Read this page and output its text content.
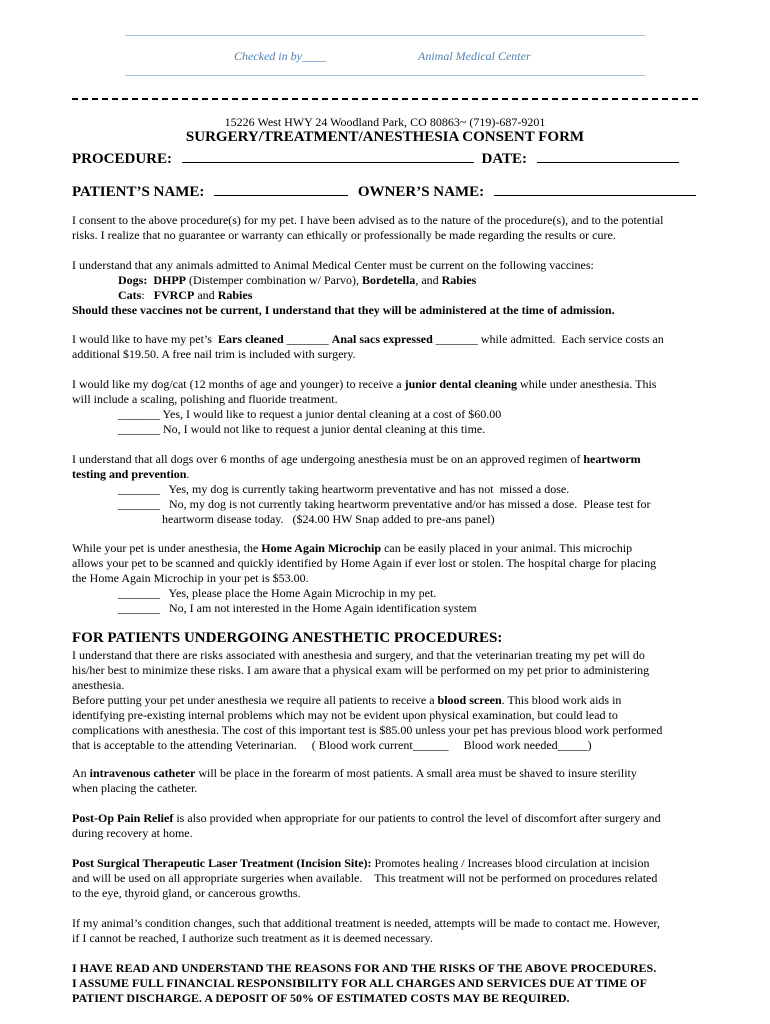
Checked in by____	Animal Medical Center
15226 West HWY 24 Woodland Park, CO 80863~ (719)-687-9201
SURGERY/TREATMENT/ANESTHESIA CONSENT FORM
PROCEDURE:	DATE:
PATIENT’S NAME:	OWNER’S NAME:
I consent to the above procedure(s) for my pet. I have been advised as to the nature of the procedure(s), and to the potential
risks. I realize that no guarantee or warranty can ethically or professionally be made regarding the results or cure.
I understand that any animals admitted to Animal Medical Center must be current on the following vaccines:
Dogs: DHPP (Distemper combination w/ Parvo), Bordetella, and Rabies
Cats:   FVRCP and Rabies
Should these vaccines not be current, I understand that they will be administered at the time of admission.
I would like to have my pet’s  Ears cleaned _______ Anal sacs expressed _______ while admitted.  Each service costs an
additional $19.50. A free nail trim is included with surgery.
I would like my dog/cat (12 months of age and younger) to receive a junior dental cleaning while under anesthesia. This
will include a scaling, polishing and fluoride treatment.
_______ Yes, I would like to request a junior dental cleaning at a cost of $60.00
_______ No, I would not like to request a junior dental cleaning at this time.
I understand that all dogs over 6 months of age undergoing anesthesia must be on an approved regimen of heartworm
testing and prevention.
_______   Yes, my dog is currently taking heartworm preventative and has not  missed a dose.
_______   No, my dog is not currently taking heartworm preventative and/or has missed a dose.  Please test for
heartworm disease today.   ($24.00 HW Snap added to pre-ans panel)
While your pet is under anesthesia, the Home Again Microchip can be easily placed in your animal. This microchip
allows your pet to be scanned and quickly identified by Home Again if ever lost or stolen. The hospital charge for placing
the Home Again Microchip in your pet is $53.00.
_______   Yes, please place the Home Again Microchip in my pet.
_______   No, I am not interested in the Home Again identification system
FOR PATIENTS UNDERGOING ANESTHETIC PROCEDURES:
I understand that there are risks associated with anesthesia and surgery, and that the veterinarian treating my pet will do
his/her best to minimize these risks. I am aware that a physical exam will be performed on my pet prior to administering
anesthesia.
Before putting your pet under anesthesia we require all patients to receive a blood screen. This blood work aids in
identifying pre-existing internal problems which may not be evident upon physical examination, but could lead to
complications with anesthesia. The cost of this important test is $85.00 unless your pet has previous blood work performed
that is acceptable to the attending Veterinarian.     ( Blood work current______     Blood work needed_____)
An intravenous catheter will be place in the forearm of most patients. A small area must be shaved to insure sterility
when placing the catheter.
Post-Op Pain Relief is also provided when appropriate for our patients to control the level of discomfort after surgery and
during recovery at home.
Post Surgical Therapeutic Laser Treatment (Incision Site): Promotes healing / Increases blood circulation at incision
and will be used on all appropriate surgeries when available.    This treatment will not be performed on procedures related
to the eye, thyroid gland, or cancerous growths.
If my animal’s condition changes, such that additional treatment is needed, attempts will be made to contact me. However,
if I cannot be reached, I authorize such treatment as it is deemed necessary.
I HAVE READ AND UNDERSTAND THE REASONS FOR AND THE RISKS OF THE ABOVE PROCEDURES.
I ASSUME FULL FINANCIAL RESPONSIBILITY FOR ALL CHARGES AND SERVICES DUE AT TIME OF
PATIENT DISCHARGE. A DEPOSIT OF 50% OF ESTIMATED COSTS MAY BE REQUIRED.
